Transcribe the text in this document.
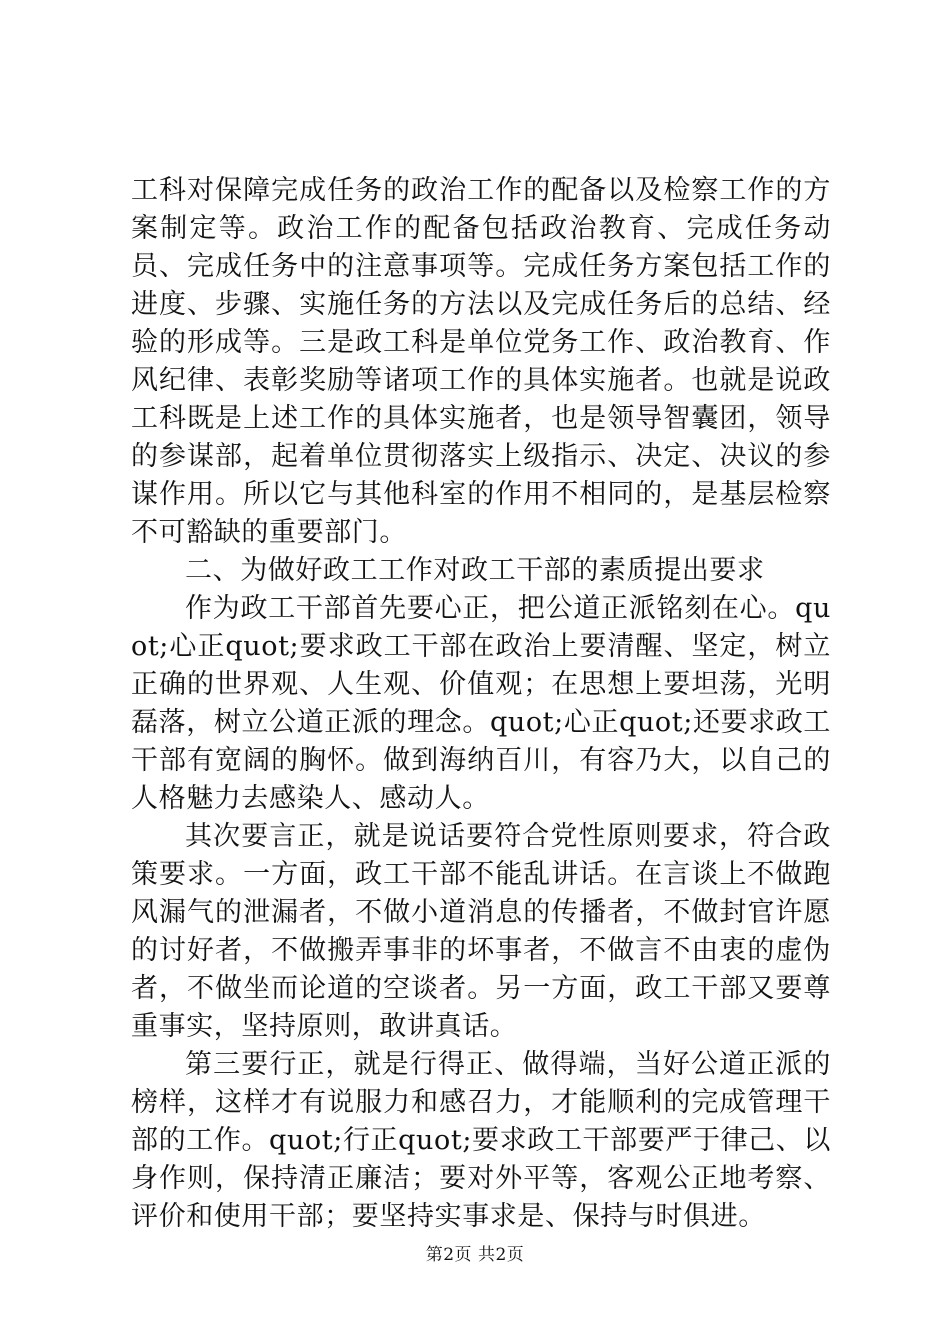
工科对保障完成任务的政治工作的配备以及检察工作的方案制定等。政治工作的配备包括政治教育、完成任务动员、完成任务中的注意事项等。完成任务方案包括工作的进度、步骤、实施任务的方法以及完成任务后的总结、经验的形成等。三是政工科是单位党务工作、政治教育、作风纪律、表彰奖励等诸项工作的具体实施者。也就是说政工科既是上述工作的具体实施者，也是领导智囊团，领导的参谋部，起着单位贯彻落实上级指示、决定、决议的参谋作用。所以它与其他科室的作用不相同的，是基层检察不可豁缺的重要部门。

二、为做好政工工作对政工干部的素质提出要求

作为政工干部首先要心正，把公道正派铭刻在心。quot;心正quot;要求政工干部在政治上要清醒、坚定，树立正确的世界观、人生观、价值观；在思想上要坦荡，光明磊落，树立公道正派的理念。quot;心正quot;还要求政工干部有宽阔的胸怀。做到海纳百川，有容乃大，以自己的人格魅力去感染人、感动人。

其次要言正，就是说话要符合党性原则要求，符合政策要求。一方面，政工干部不能乱讲话。在言谈上不做跑风漏气的泄漏者，不做小道消息的传播者，不做封官许愿的讨好者，不做搬弄事非的坏事者，不做言不由衷的虚伪者，不做坐而论道的空谈者。另一方面，政工干部又要尊重事实，坚持原则，敢讲真话。

第三要行正，就是行得正、做得端，当好公道正派的榜样，这样才有说服力和感召力，才能顺利的完成管理干部的工作。quot;行正quot;要求政工干部要严于律己、以身作则，保持清正廉洁；要对外平等，客观公正地考察、评价和使用干部；要坚持实事求是、保持与时俱进。

第2页 共2页
